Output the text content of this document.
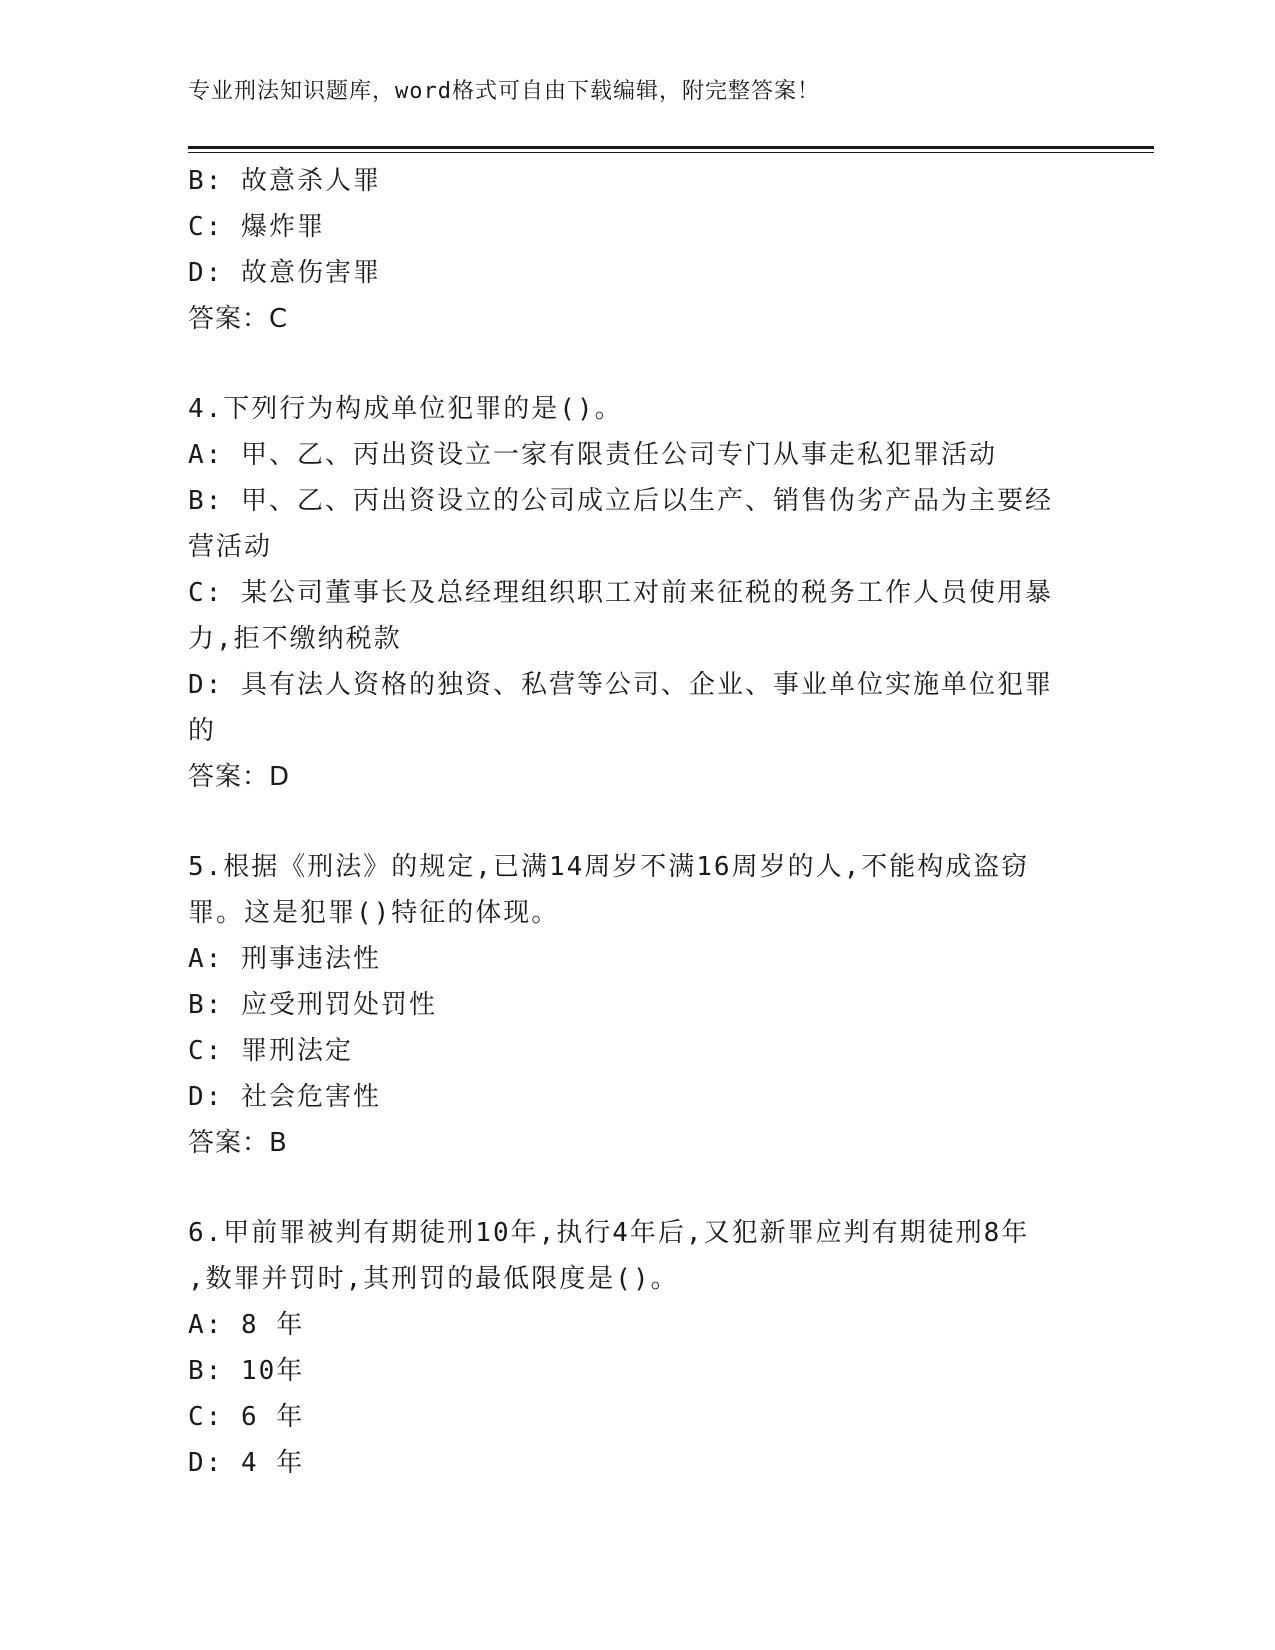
专业刑法知识题库，word格式可自由下载编辑，附完整答案！
B: 故意杀人罪
C: 爆炸罪
D: 故意伤害罪
答案：C
4.下列行为构成单位犯罪的是()。
A: 甲、乙、丙出资设立一家有限责任公司专门从事走私犯罪活动
B: 甲、乙、丙出资设立的公司成立后以生产、销售伪劣产品为主要经
营活动
C: 某公司董事长及总经理组织职工对前来征税的税务工作人员使用暴
力,拒不缴纳税款
D: 具有法人资格的独资、私营等公司、企业、事业单位实施单位犯罪
的
答案：D
5.根据《刑法》的规定,已满14周岁不满16周岁的人,不能构成盗窃
罪。这是犯罪()特征的体现。
A: 刑事违法性
B: 应受刑罚处罚性
C: 罪刑法定
D: 社会危害性
答案：B
6.甲前罪被判有期徒刑10年,执行4年后,又犯新罪应判有期徒刑8年
,数罪并罚时,其刑罚的最低限度是()。
A: 8 年
B: 10年
C: 6 年
D: 4 年
